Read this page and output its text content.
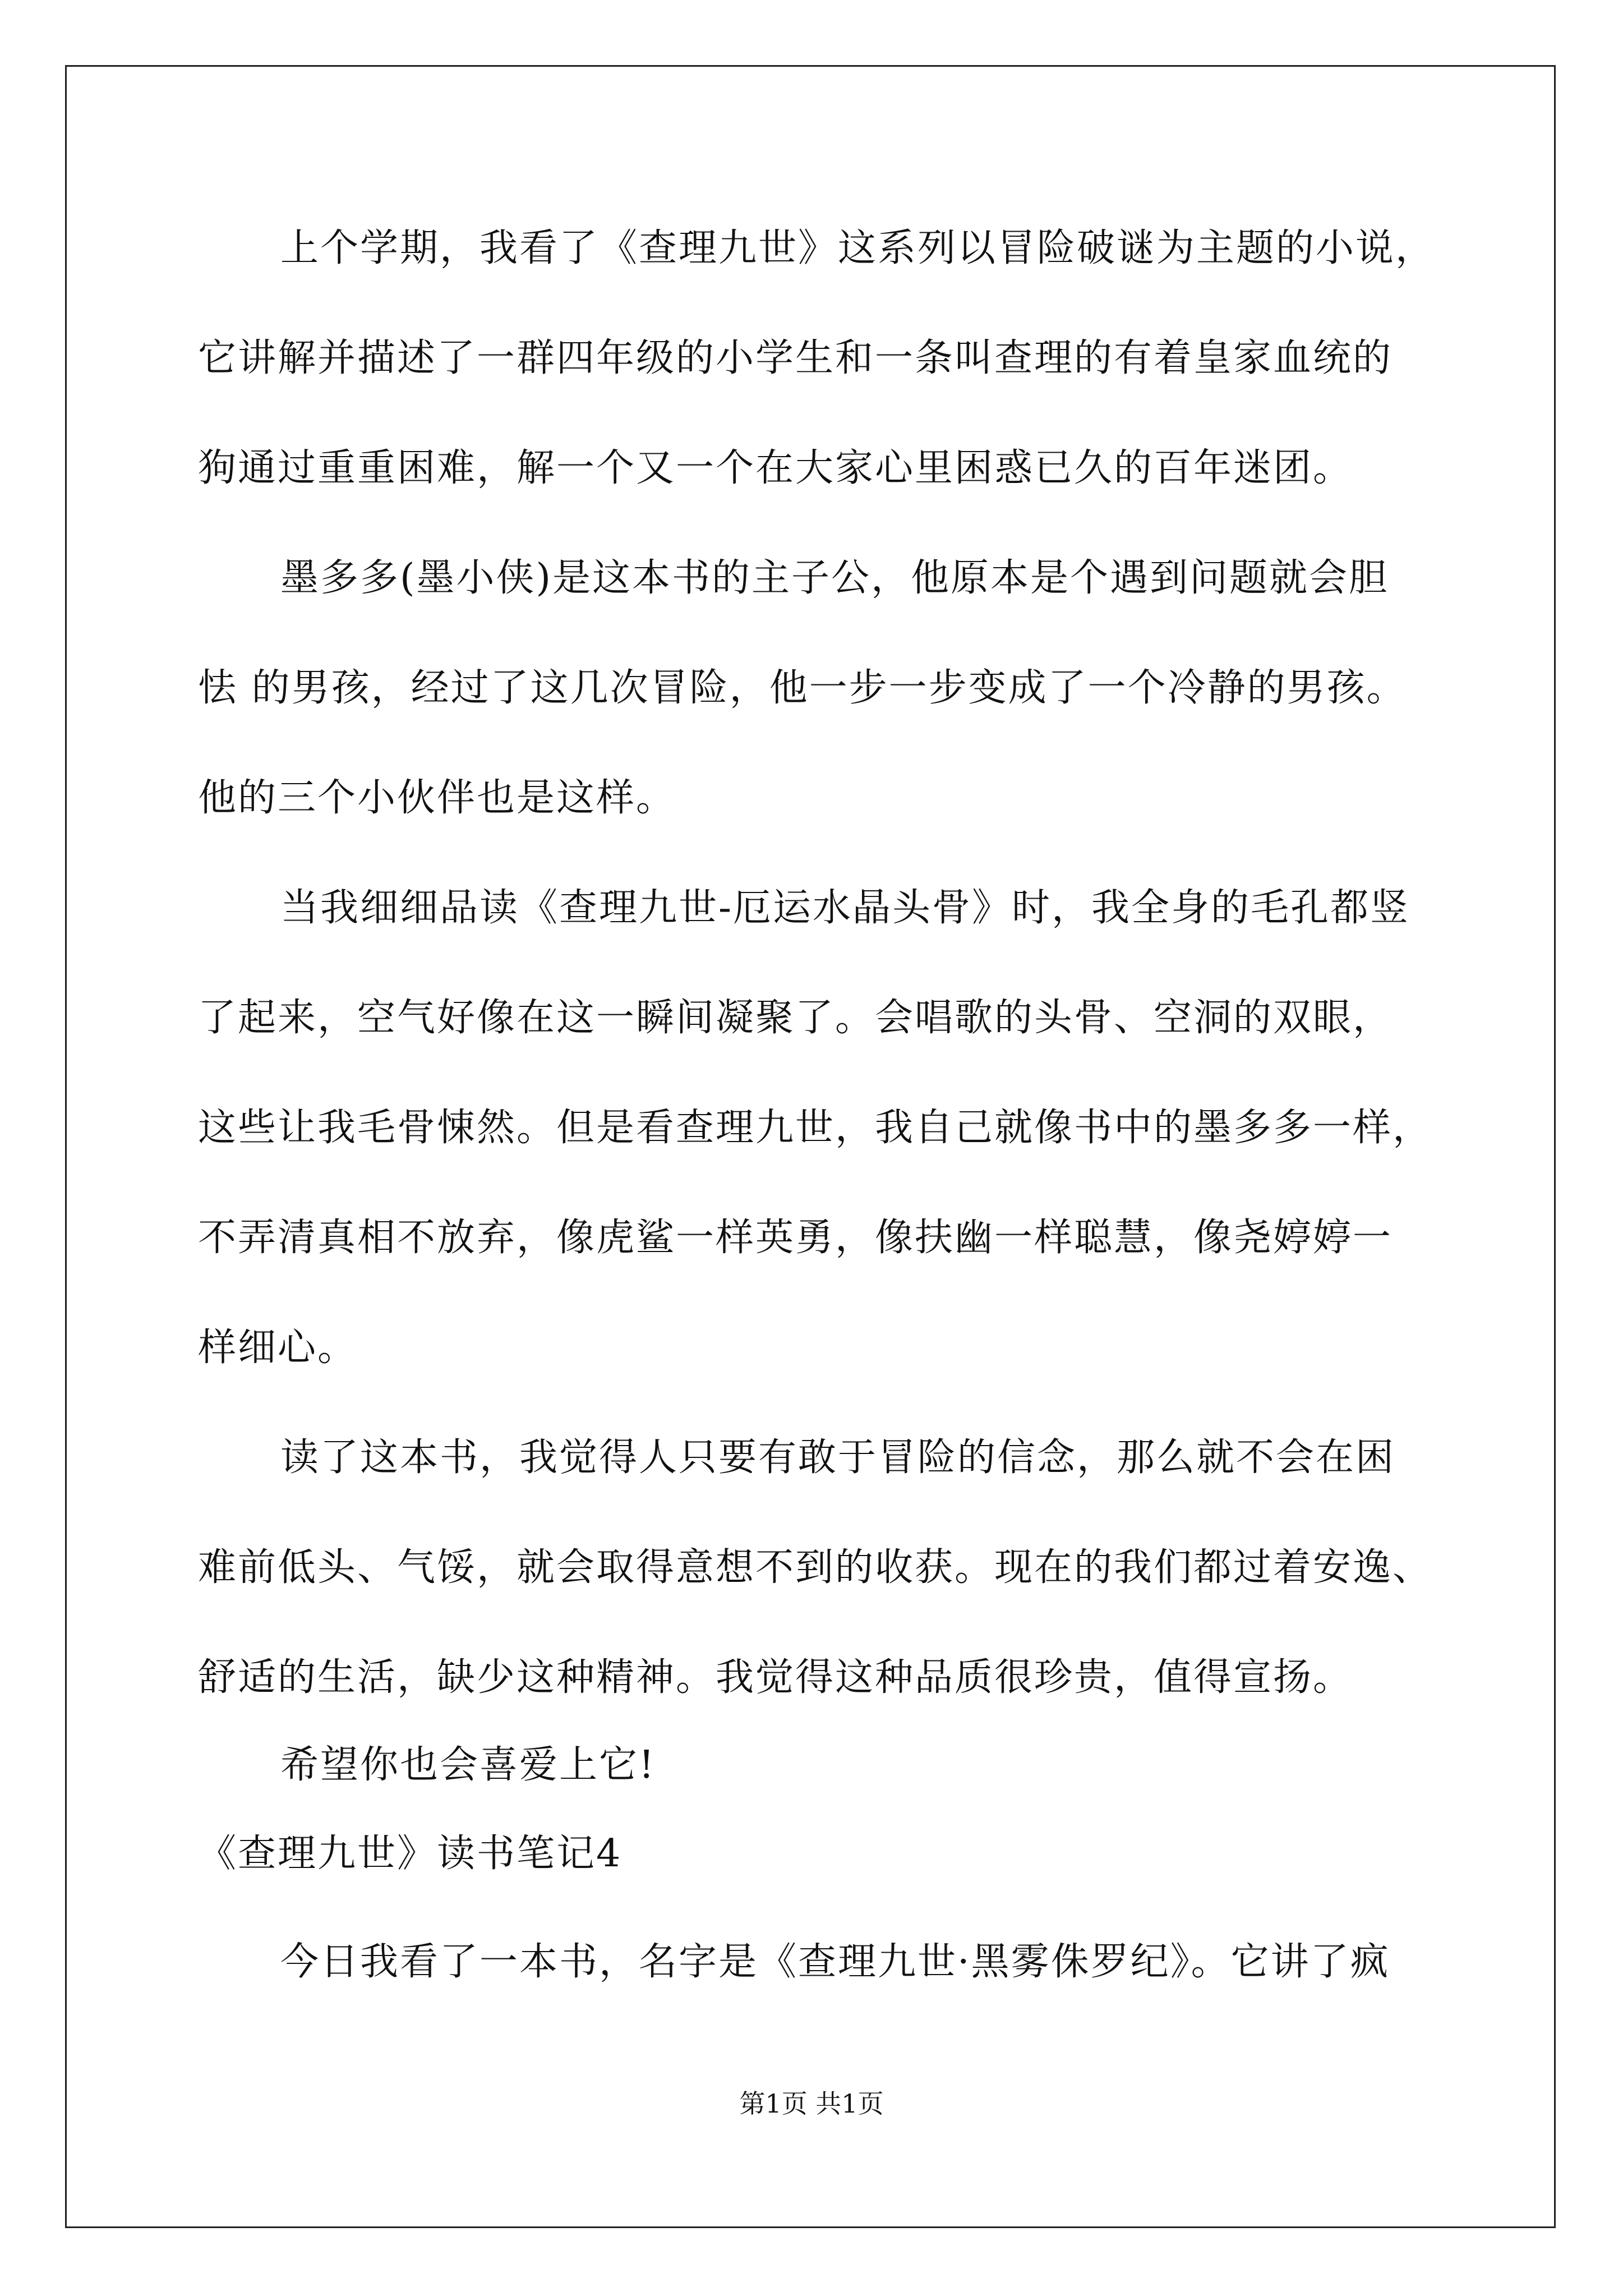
上个学期，我看了《查理九世》这系列以冒险破谜为主题的小说，
它讲解并描述了一群四年级的小学生和一条叫查理的有着皇家血统的
狗通过重重困难，解一个又一个在大家心里困惑已久的百年迷团。
墨多多(墨小侠)是这本书的主子公，他原本是个遇到问题就会胆
怯 的男孩，经过了这几次冒险，他一步一步变成了一个冷静的男孩。
他的三个小伙伴也是这样。
当我细细品读《查理九世-厄运水晶头骨》时，我全身的毛孔都竖
了起来，空气好像在这一瞬间凝聚了。会唱歌的头骨、空洞的双眼，
这些让我毛骨悚然。但是看查理九世，我自己就像书中的墨多多一样，
不弄清真相不放弃，像虎鲨一样英勇，像扶幽一样聪慧，像尧婷婷一
样细心。
读了这本书，我觉得人只要有敢于冒险的信念，那么就不会在困
难前低头、气馁，就会取得意想不到的收获。现在的我们都过着安逸、
舒适的生活，缺少这种精神。我觉得这种品质很珍贵，值得宣扬。
希望你也会喜爱上它!
《查理九世》读书笔记4
今日我看了一本书，名字是《查理九世·黑雾侏罗纪》。它讲了疯
第1页 共1页
